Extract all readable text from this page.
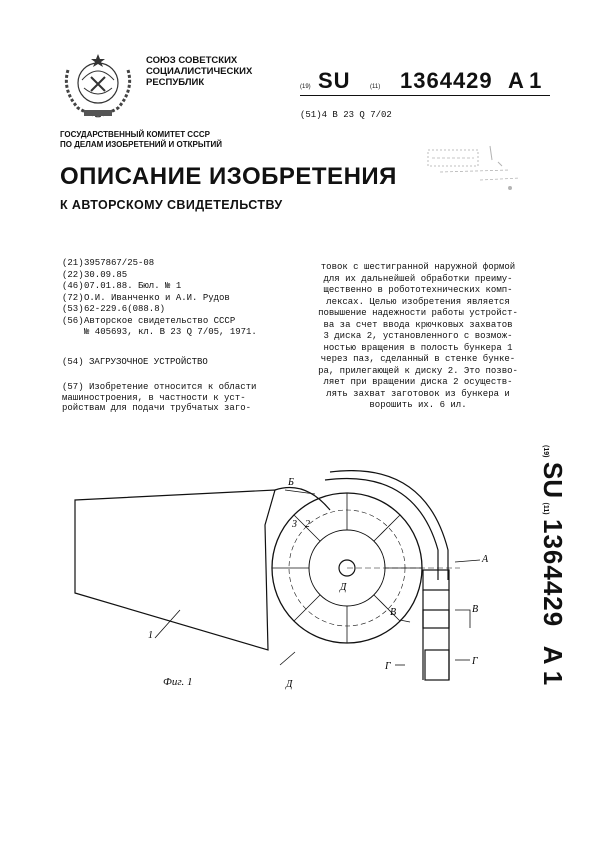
СОЮЗ СОВЕТСКИХ
СОЦИАЛИСТИЧЕСКИХ
РЕСПУБЛИК	(19) SU	(11) 1364429 A 1
(51)4 В 23 Q 7/02
ГОСУДАРСТВЕННЫЙ КОМИТЕТ СССР
ПО ДЕЛАМ ИЗОБРЕТЕНИЙ И ОТКРЫТИЙ
ОПИСАНИЕ ИЗОБРЕТЕНИЯ
К АВТОРСКОМУ СВИДЕТЕЛЬСТВУ
(21)3957867/25-08
(22)30.09.85
(46)07.01.88. Бюл. № 1
(72)О.И. Иванченко и А.И. Рудов
(53)62-229.6(088.8)
(56)Авторское свидетельство СССР
№ 405693, кл. В 23 Q 7/05, 1971.
(54) ЗАГРУЗОЧНОЕ УСТРОЙСТВО
(57) Изобретение относится к области
машиностроения, в частности к уст-
ройствам для подачи трубчатых заго-
товок с шестигранной наружной формой
для их дальнейшей обработки преиму-
щественно в робототехнических комп-
лексах. Целью изобретения является
повышение надежности работы устройст-
ва за счет ввода крючковых захватов
3 диска 2, установленного с возмож-
ностью вращения в полость бункера 1
через паз, сделанный в стенке бунке-
ра, прилегающей к диску 2. Это позво-
ляет при вращении диска 2 осуществ-
лять захват заготовок из бункера и
ворошить их. 6 ил.
(19) SU (11) 1364429 A 1
Б
3 2
Д
А
В	В
Г	Г
Д
1
Фиг. 1
